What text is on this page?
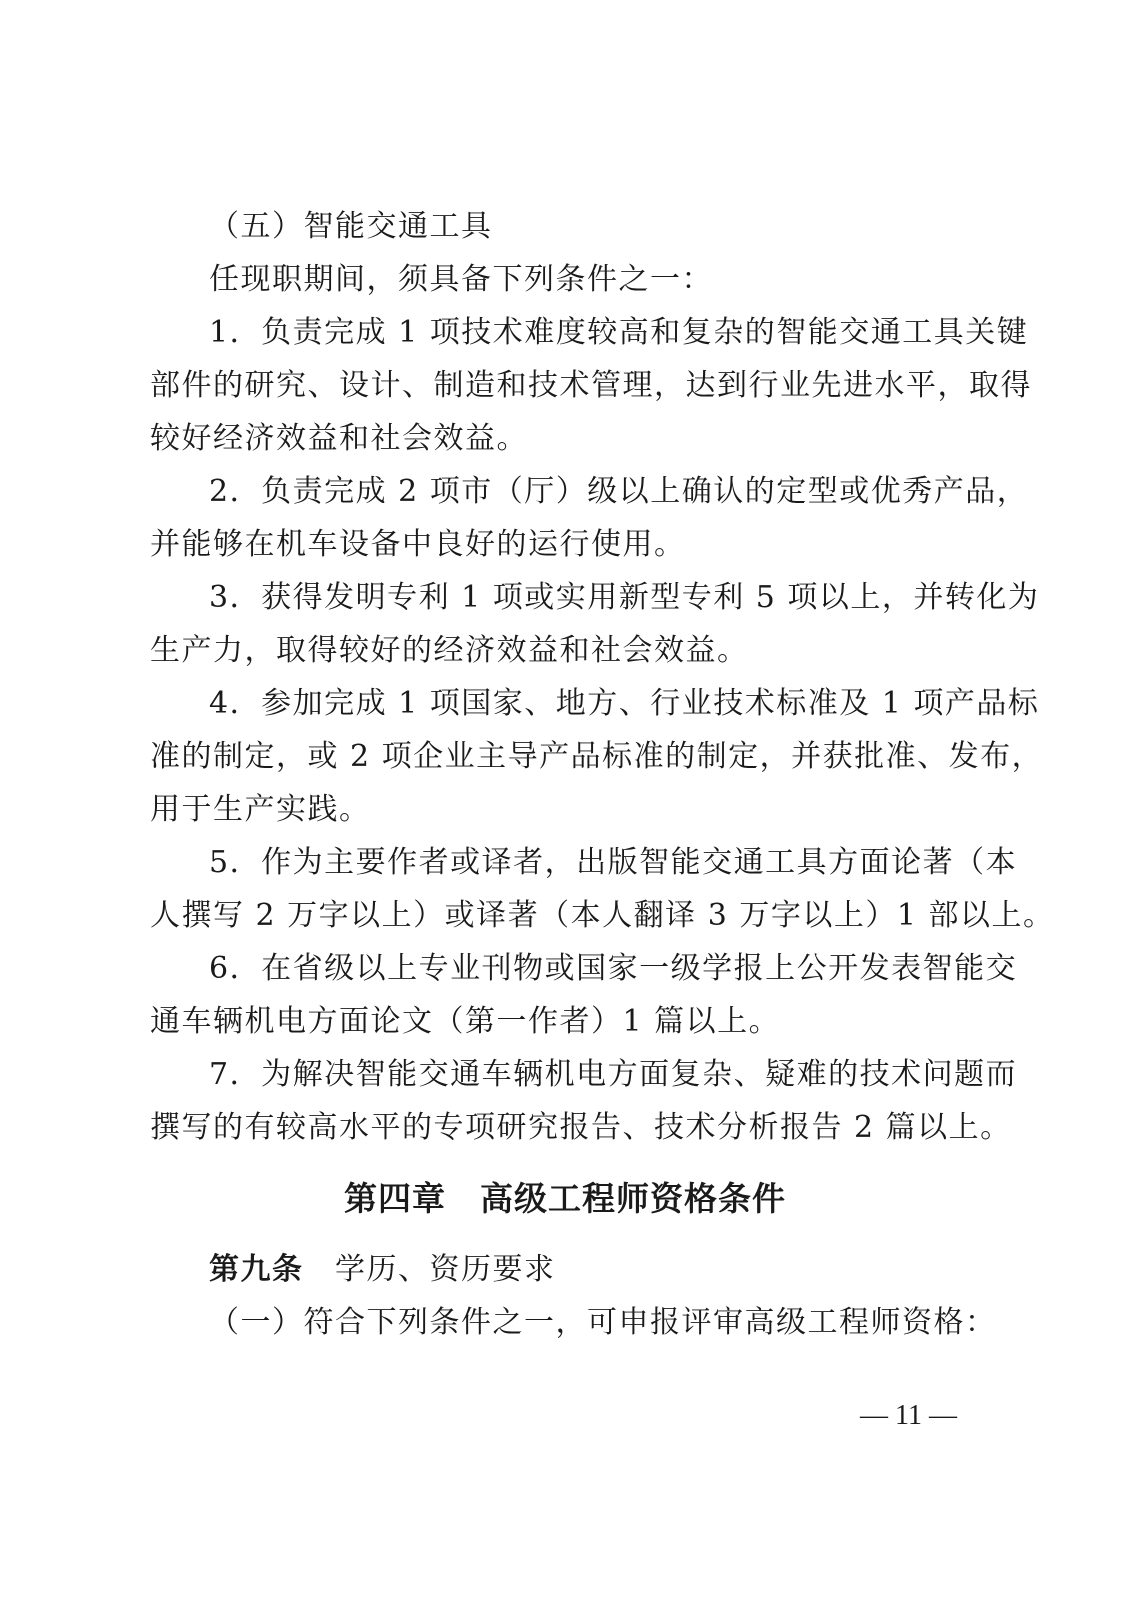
（五）智能交通工具

任现职期间，须具备下列条件之一：

1．负责完成 1 项技术难度较高和复杂的智能交通工具关键

部件的研究、设计、制造和技术管理，达到行业先进水平，取得

较好经济效益和社会效益。

2．负责完成 2 项市（厅）级以上确认的定型或优秀产品，

并能够在机车设备中良好的运行使用。

3．获得发明专利 1 项或实用新型专利 5 项以上，并转化为

生产力，取得较好的经济效益和社会效益。

4．参加完成 1 项国家、地方、行业技术标准及 1 项产品标

准的制定，或 2 项企业主导产品标准的制定，并获批准、发布，

用于生产实践。

5．作为主要作者或译者，出版智能交通工具方面论著（本

人撰写 2 万字以上）或译著（本人翻译 3 万字以上）1 部以上。

6．在省级以上专业刊物或国家一级学报上公开发表智能交

通车辆机电方面论文（第一作者）1 篇以上。

7．为解决智能交通车辆机电方面复杂、疑难的技术问题而

撰写的有较高水平的专项研究报告、技术分析报告 2 篇以上。

第四章　高级工程师资格条件

第九条　 学历、资历要求

（一）符合下列条件之一，可申报评审高级工程师资格：

— 11 —
